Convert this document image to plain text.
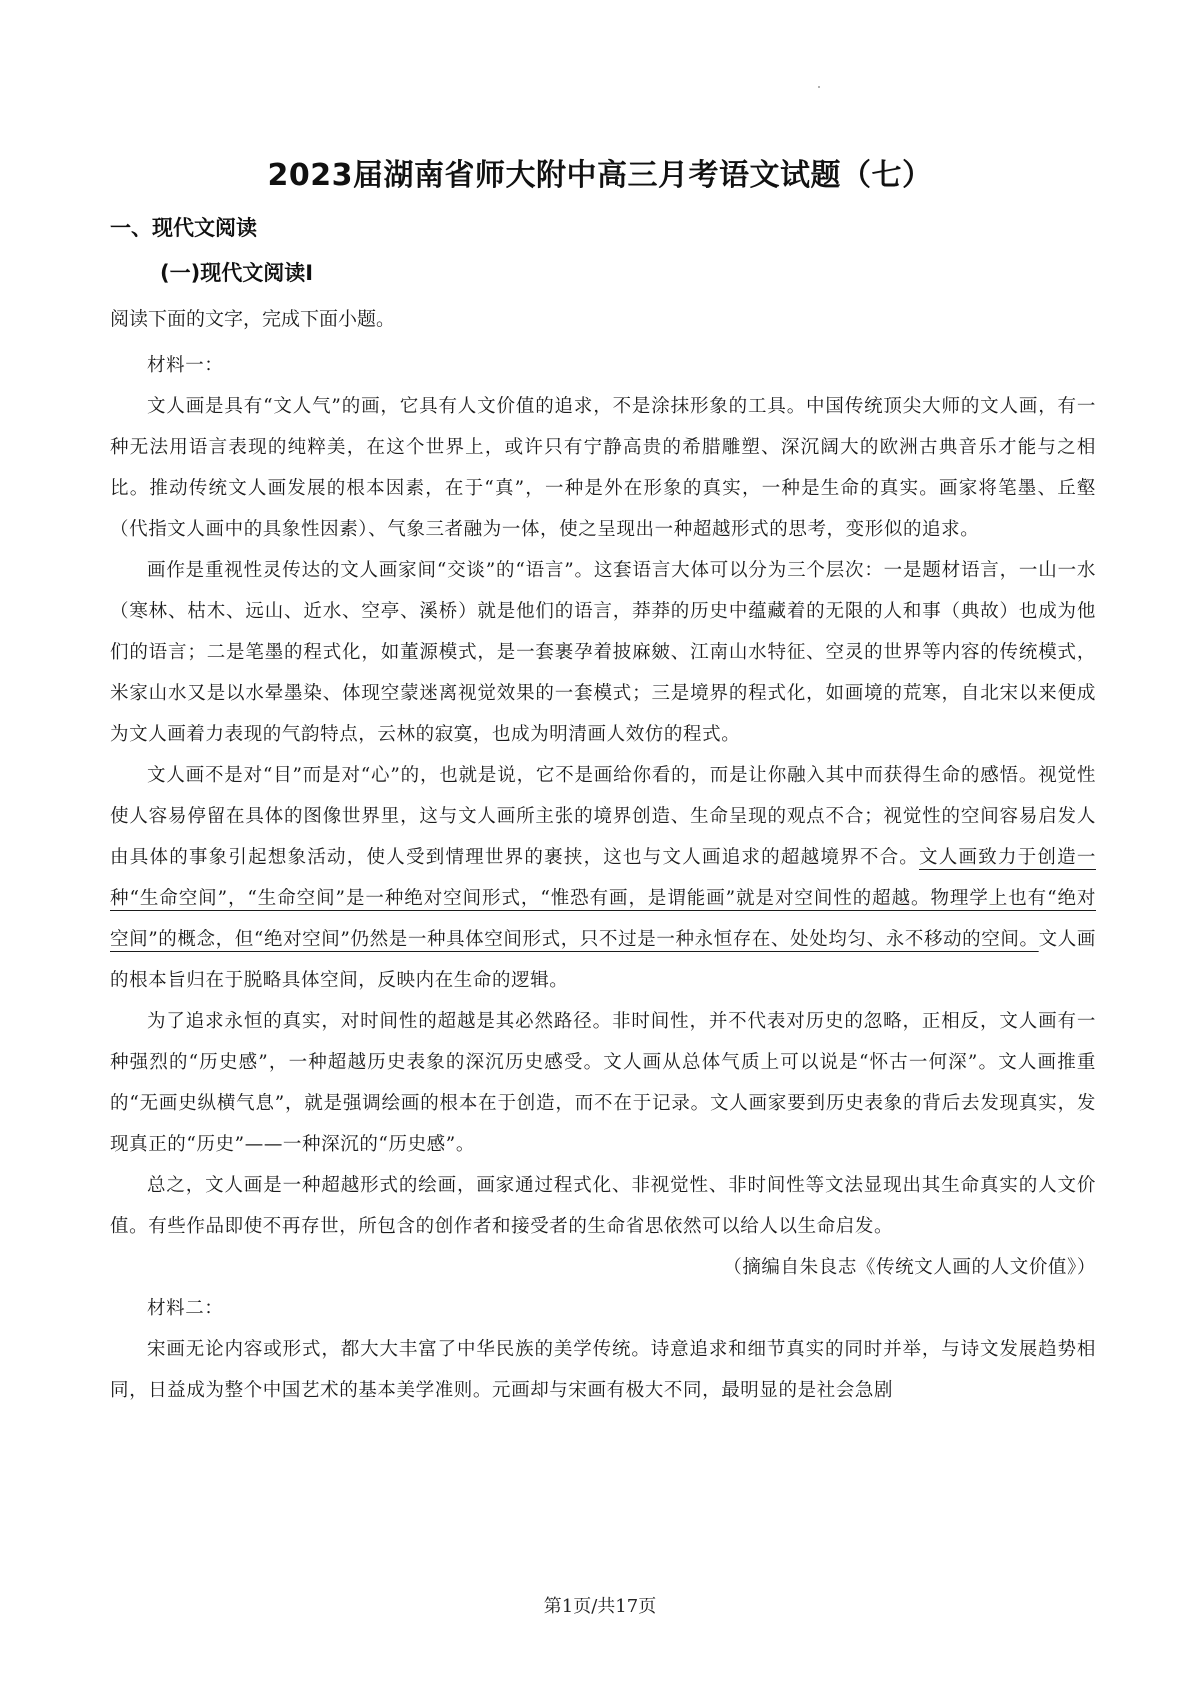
2023届湖南省师大附中高三月考语文试题（七）
一、现代文阅读
(一)现代文阅读Ⅰ
阅读下面的文字，完成下面小题。

材料一：

文人画是具有“文人气”的画，它具有人文价值的追求，不是涂抹形象的工具。中国传统顶尖大师的文人画，有一种无法用语言表现的纯粹美，在这个世界上，或许只有宁静高贵的希腊雕塑、深沉阔大的欧洲古典音乐才能与之相比。推动传统文人画发展的根本因素，在于“真”，一种是外在形象的真实，一种是生命的真实。画家将笔墨、丘壑（代指文人画中的具象性因素）、气象三者融为一体，使之呈现出一种超越形式的思考，变形似的追求。

画作是重视性灵传达的文人画家间“交谈”的“语言”。这套语言大体可以分为三个层次：一是题材语言，一山一水（寒林、枯木、远山、近水、空亭、溪桥）就是他们的语言，莽莽的历史中蕴藏着的无限的人和事（典故）也成为他们的语言；二是笔墨的程式化，如董源模式，是一套裹孕着披麻皴、江南山水特征、空灵的世界等内容的传统模式，米家山水又是以水晕墨染、体现空蒙迷离视觉效果的一套模式；三是境界的程式化，如画境的荒寒，自北宋以来便成为文人画着力表现的气韵特点，云林的寂寞，也成为明清画人效仿的程式。

文人画不是对“目”而是对“心”的，也就是说，它不是画给你看的，而是让你融入其中而获得生命的感悟。视觉性使人容易停留在具体的图像世界里，这与文人画所主张的境界创造、生命呈现的观点不合；视觉性的空间容易启发人由具体的事象引起想象活动，使人受到情理世界的裹挟，这也与文人画追求的超越境界不合。文人画致力于创造一种“生命空间”，“生命空间”是一种绝对空间形式，“惟恐有画，是谓能画”就是对空间性的超越。物理学上也有“绝对空间”的概念，但“绝对空间”仍然是一种具体空间形式，只不过是一种永恒存在、处处均匀、永不移动的空间。文人画的根本旨归在于脱略具体空间，反映内在生命的逻辑。

为了追求永恒的真实，对时间性的超越是其必然路径。非时间性，并不代表对历史的忽略，正相反，文人画有一种强烈的“历史感”，一种超越历史表象的深沉历史感受。文人画从总体气质上可以说是“怀古一何深”。文人画推重的“无画史纵横气息”，就是强调绘画的根本在于创造，而不在于记录。文人画家要到历史表象的背后去发现真实，发现真正的“历史”——一种深沉的“历史感”。

总之，文人画是一种超越形式的绘画，画家通过程式化、非视觉性、非时间性等文法显现出其生命真实的人文价值。有些作品即使不再存世，所包含的创作者和接受者的生命省思依然可以给人以生命启发。

（摘编自朱良志《传统文人画的人文价值》）

材料二：

宋画无论内容或形式，都大大丰富了中华民族的美学传统。诗意追求和细节真实的同时并举，与诗文发展趋势相同，日益成为整个中国艺术的基本美学准则。元画却与宋画有极大不同，最明显的是社会急剧

第1页/共17页
